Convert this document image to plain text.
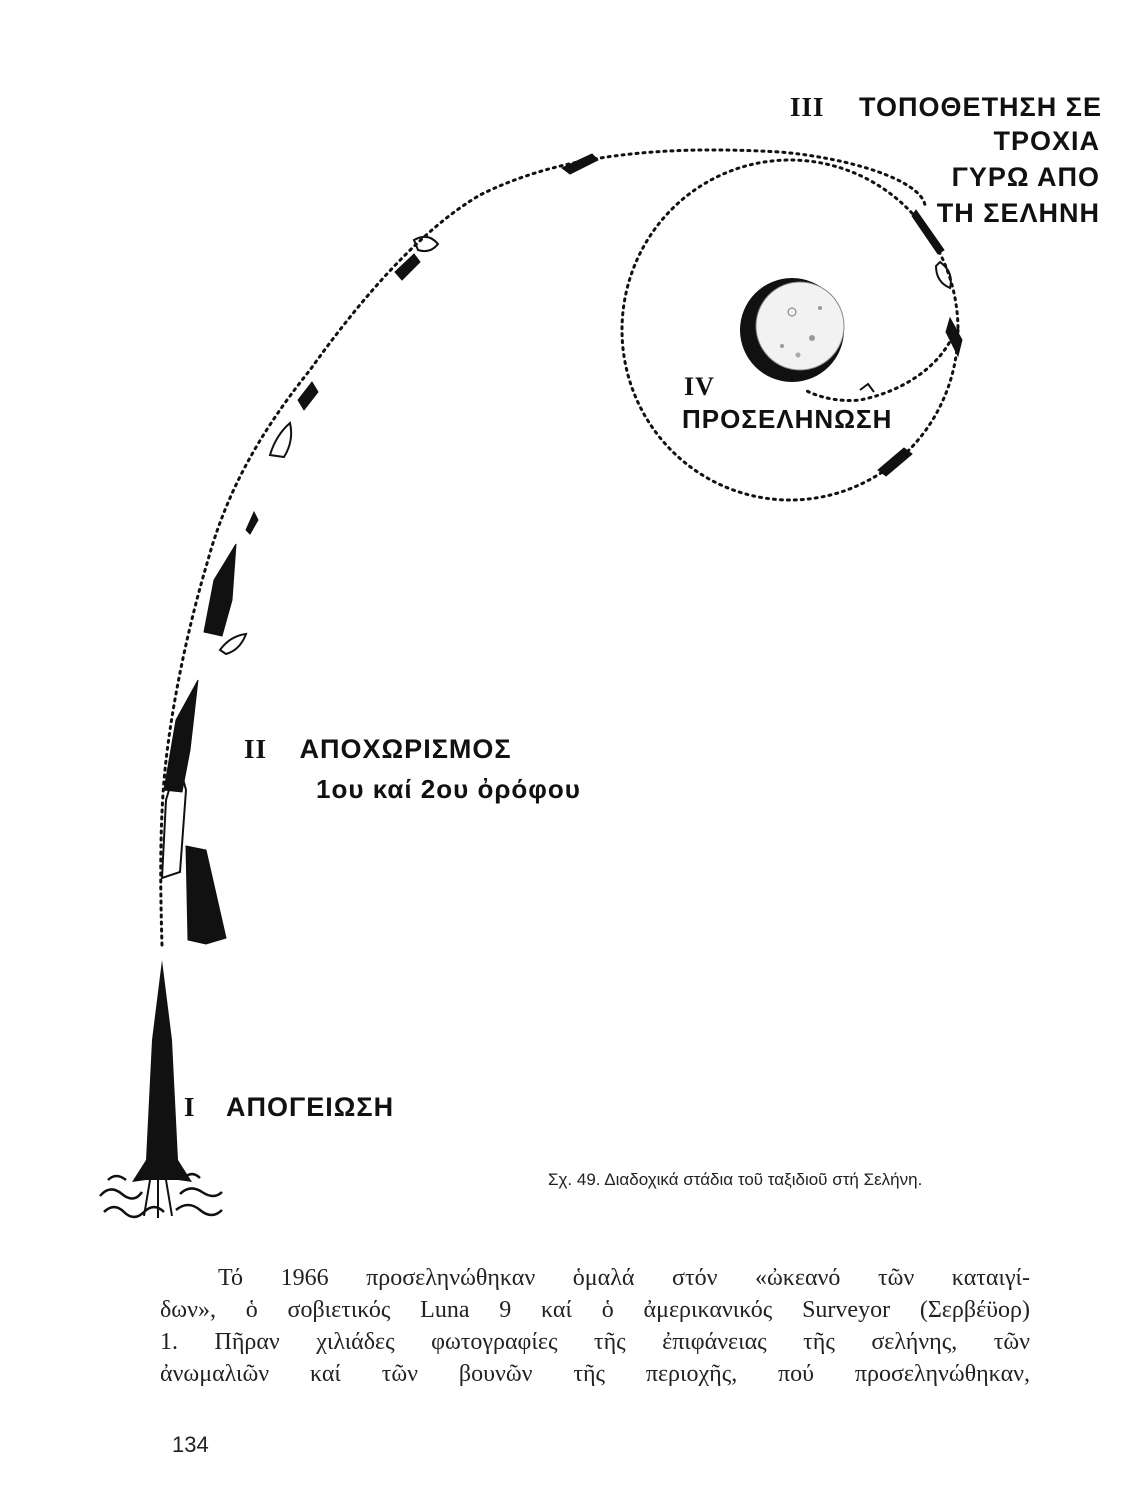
III ΤΟΠΟΘΕΤΗΣΗ ΣΕ
ΤΡΟΧΙΑ
ΓΥΡΩ ΑΠΟ
ΤΗ ΣΕΛΗΝΗ
IV
ΠΡΟΣΕΛΗΝΩΣΗ
II ΑΠΟΧΩΡΙΣΜΟΣ
1ου καί 2ου ὀρόφου
I ΑΠΟΓΕΙΩΣΗ
Σχ. 49. Διαδοχικά στάδια τοῦ ταξιδιοῦ στή Σελήνη.
Τό 1966 προσεληνώθηκαν ὁμαλά στόν «ὠκεανό τῶν καταιγί-
δων», ὁ σοβιετικός Luna 9 καί ὁ ἀμερικανικός Surveyor (Σερβέϋορ)
1. Πῆραν χιλιάδες φωτογραφίες τῆς ἐπιφάνειας τῆς σελήνης, τῶν
ἀνωμαλιῶν καί τῶν βουνῶν τῆς περιοχῆς, πού προσεληνώθηκαν,
134
